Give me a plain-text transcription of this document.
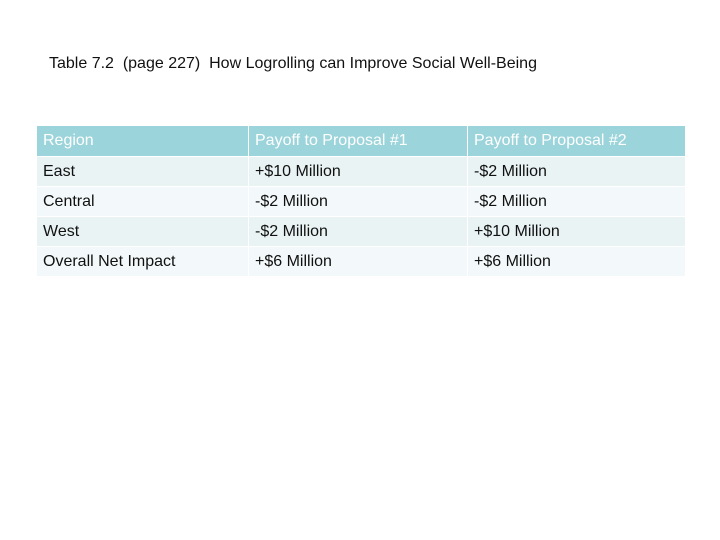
Table 7.2  (page 227)  How Logrolling can Improve Social Well-Being
Region	Payoff to Proposal #1	Payoff to Proposal #2
East	+$10 Million	-$2 Million
Central	-$2 Million	-$2 Million
West	-$2 Million	+$10 Million
Overall Net Impact	+$6 Million	+$6 Million
